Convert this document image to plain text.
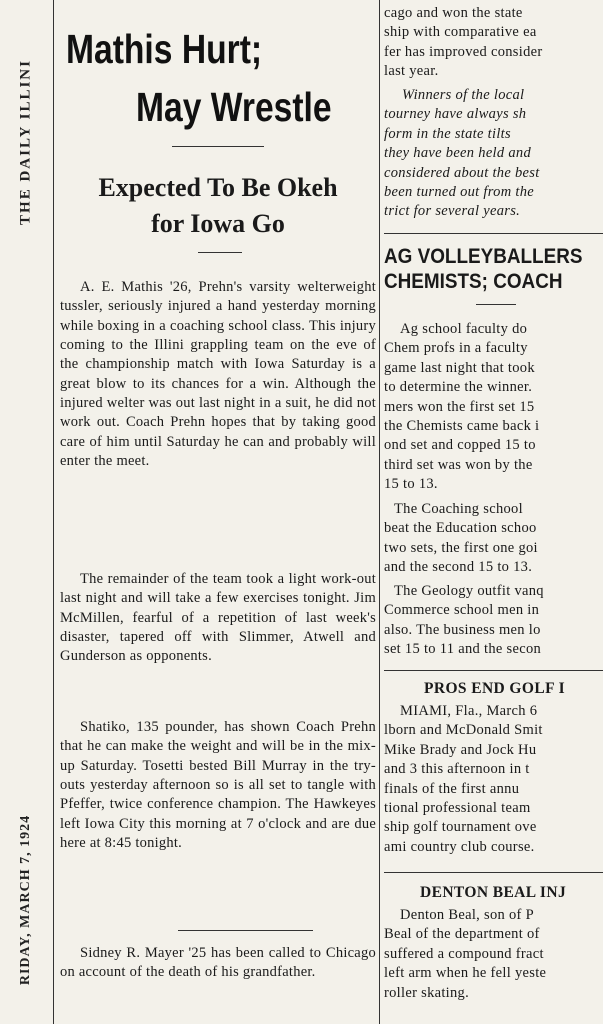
THE DAILY ILLINI
RIDAY, MARCH 7, 1924
Mathis Hurt;
May Wrestle
Expected To Be Okeh
for Iowa Go

A. E. Mathis '26, Prehn's varsity welterweight tussler, seriously injured a hand yesterday morning while boxing in a coaching school class. This injury coming to the Illini grappling team on the eve of the championship match with Iowa Saturday is a great blow to its chances for a win. Although the injured welter was out last night in a suit, he did not work out. Coach Prehn hopes that by taking good care of him until Saturday he can and probably will enter the meet.

The remainder of the team took a light work-out last night and will take a few exercises tonight. Jim McMillen, fearful of a repetition of last week's disaster, tapered off with Slimmer, Atwell and Gunderson as opponents.

Shatiko, 135 pounder, has shown Coach Prehn that he can make the weight and will be in the mix-up Saturday. Tosetti bested Bill Murray in the try-outs yesterday afternoon so is all set to tangle with Pfeffer, twice conference champion. The Hawkeyes left Iowa City this morning at 7 o'clock and are due here at 8:45 tonight.

Sidney R. Mayer '25 has been called to Chicago on account of the death of his grandfather.

cago and won the state
ship with comparative ea
fer has improved consider
last year.

Winners of the local
tourney have always sh
form in the state tilts
they have been held and
considered about the best
been turned out from the
trict for several years.

AG VOLLEYBALLERS
CHEMISTS; COACH

Ag school faculty do
Chem profs in a faculty
game last night that took
to determine the winner.
mers won the first set 15
the Chemists came back i
ond set and copped 15 to
third set was won by the
15 to 13.

The Coaching school
beat the Education schoo
two sets, the first one goi
and the second 15 to 13.

The Geology outfit vanq
Commerce school men in
also. The business men lo
set 15 to 11 and the secon

PROS END GOLF I

MIAMI, Fla., March 6
lborn and McDonald Smit
Mike Brady and Jock Hu
and 3 this afternoon in t
finals of the first annu
tional professional team
ship golf tournament ove
ami country club course.

DENTON BEAL INJ

Denton Beal, son of P
Beal of the department of
suffered a compound fract
left arm when he fell yeste
roller skating.
